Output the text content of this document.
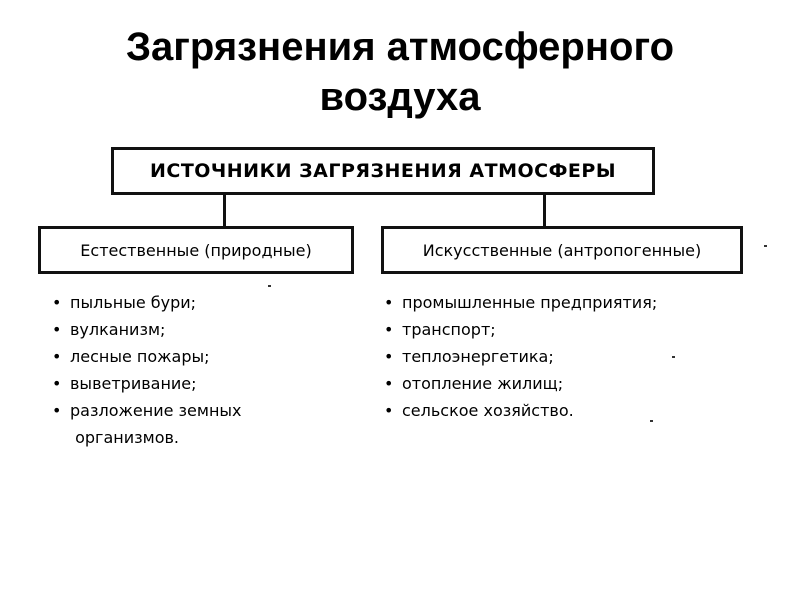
Загрязнения атмосферного
воздуха
ИСТОЧНИКИ ЗАГРЯЗНЕНИЯ АТМОСФЕРЫ
Естественные (природные)	Искусственные (антропогенные)
• пыльные бури;
• вулканизм;
• лесные пожары;
• выветривание;
• разложение земных
организмов.
• промышленные предприятия;
• транспорт;
• теплоэнергетика;
• отопление жилищ;
• сельское хозяйство.
